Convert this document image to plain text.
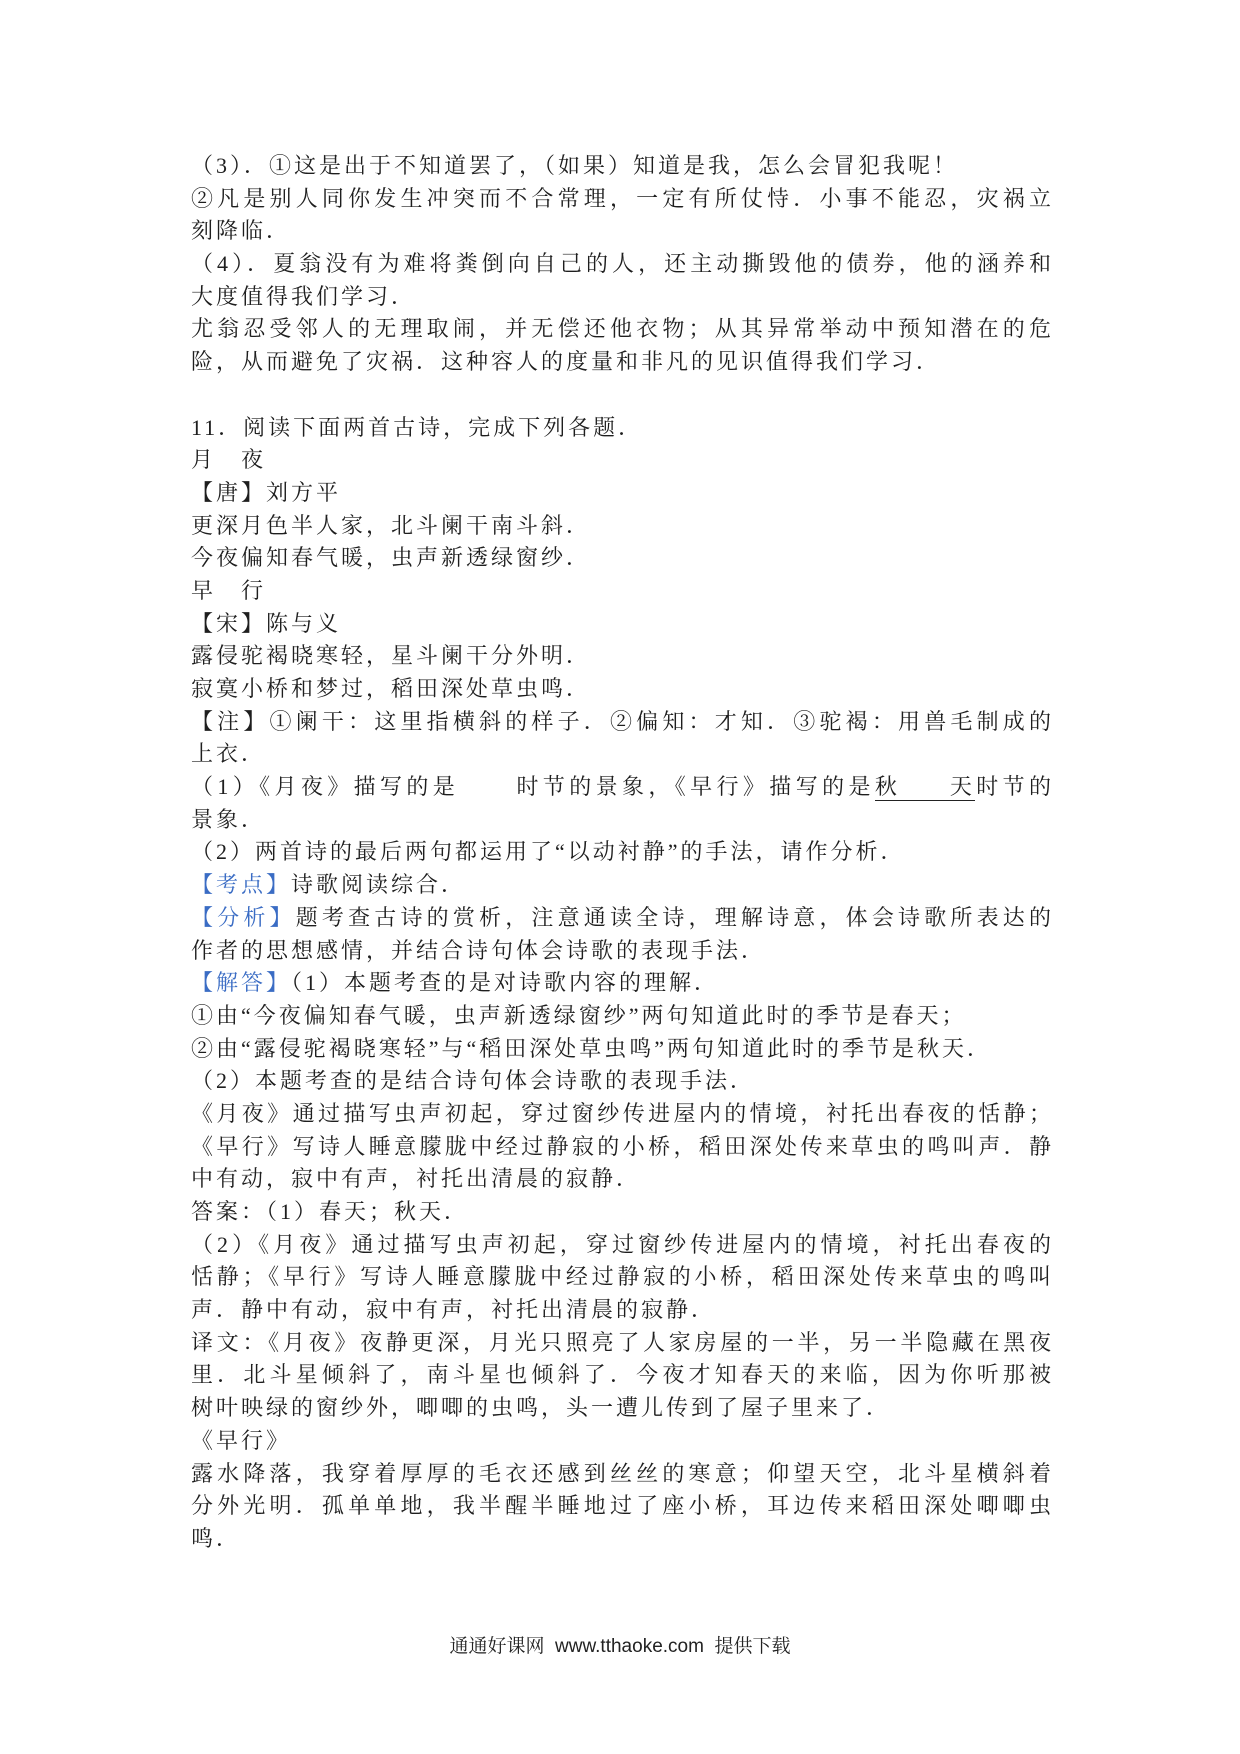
（3）．①这是出于不知道罢了，（如果）知道是我，怎么会冒犯我呢！
②凡是别人同你发生冲突而不合常理，一定有所仗恃．小事不能忍，灾祸立
刻降临．
（4）．夏翁没有为难将粪倒向自己的人，还主动撕毁他的债券，他的涵养和
大度值得我们学习．
尤翁忍受邻人的无理取闹，并无偿还他衣物；从其异常举动中预知潜在的危
险，从而避免了灾祸．这种容人的度量和非凡的见识值得我们学习．
11．阅读下面两首古诗，完成下列各题．
月　夜
【唐】刘方平
更深月色半人家，北斗阑干南斗斜．
今夜偏知春气暖，虫声新透绿窗纱．
早　行
【宋】陈与义
露侵驼褐晓寒轻，星斗阑干分外明．
寂寞小桥和梦过，稻田深处草虫鸣．
【注】①阑干：这里指横斜的样子．②偏知：才知．③驼褐：用兽毛制成的
上衣．
（1）《月夜》描写的是	时节的景象，《早行》描写的是秋天时节的
景象．
（2）两首诗的最后两句都运用了“以动衬静”的手法，请作分析．
【考点】诗歌阅读综合．
【分析】题考查古诗的赏析，注意通读全诗，理解诗意，体会诗歌所表达的
作者的思想感情，并结合诗句体会诗歌的表现手法．
【解答】（1）本题考查的是对诗歌内容的理解．
①由“今夜偏知春气暖，虫声新透绿窗纱”两句知道此时的季节是春天；
②由“露侵驼褐晓寒轻”与“稻田深处草虫鸣”两句知道此时的季节是秋天．
（2）本题考查的是结合诗句体会诗歌的表现手法．
《月夜》通过描写虫声初起，穿过窗纱传进屋内的情境，衬托出春夜的恬静；
《早行》写诗人睡意朦胧中经过静寂的小桥，稻田深处传来草虫的鸣叫声．静
中有动，寂中有声，衬托出清晨的寂静．
答案：（1）春天；秋天．
（2）《月夜》通过描写虫声初起，穿过窗纱传进屋内的情境，衬托出春夜的
恬静；《早行》写诗人睡意朦胧中经过静寂的小桥，稻田深处传来草虫的鸣叫
声．静中有动，寂中有声，衬托出清晨的寂静．
译文：《月夜》夜静更深，月光只照亮了人家房屋的一半，另一半隐藏在黑夜
里．北斗星倾斜了，南斗星也倾斜了．今夜才知春天的来临，因为你听那被
树叶映绿的窗纱外，唧唧的虫鸣，头一遭儿传到了屋子里来了．
《早行》
露水降落，我穿着厚厚的毛衣还感到丝丝的寒意；仰望天空，北斗星横斜着
分外光明．孤单单地，我半醒半睡地过了座小桥，耳边传来稻田深处唧唧虫
鸣．
通通好课网  www.tthaoke.com  提供下载
